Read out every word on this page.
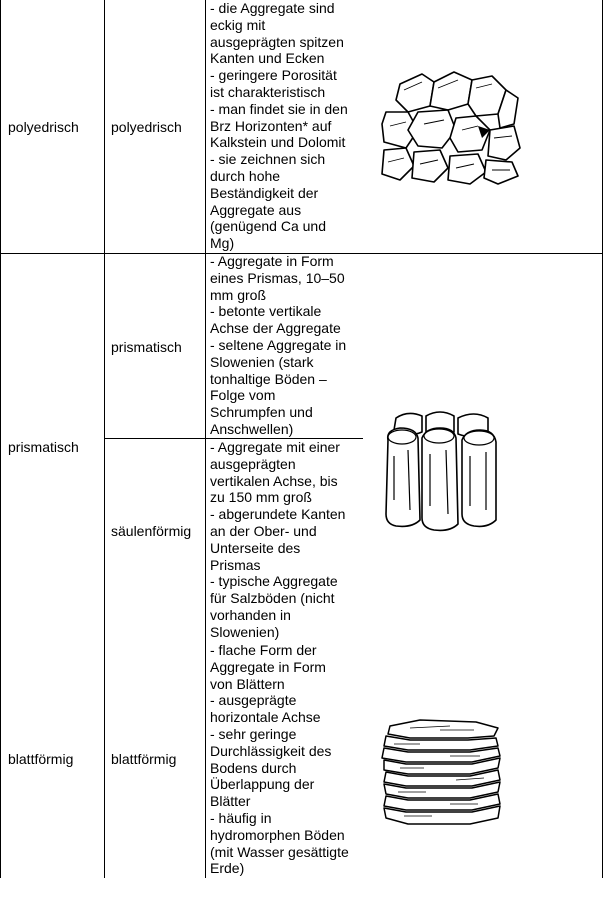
polyedrisch polyedrisch
- die Aggregate sind
eckig mit
ausgeprägten spitzen
Kanten und Ecken
- geringere Porosität
ist charakteristisch
- man findet sie in den
Brz Horizonten* auf
Kalkstein und Dolomit
- sie zeichnen sich
durch hohe
Beständigkeit der
Aggregate aus
(genügend Ca und
Mg)
prismatisch
prismatisch
- Aggregate in Form
eines Prismas, 10–50
mm groß
- betonte vertikale
Achse der Aggregate
- seltene Aggregate in
Slowenien (stark
tonhaltige Böden –
Folge vom
Schrumpfen und
Anschwellen)
säulenförmig
- Aggregate mit einer
ausgeprägten
vertikalen Achse, bis
zu 150 mm groß
- abgerundete Kanten
an der Ober- und
Unterseite des
Prismas
- typische Aggregate
für Salzböden (nicht
vorhanden in
Slowenien)
blattförmig	blattförmig
- flache Form der
Aggregate in Form
von Blättern
- ausgeprägte
horizontale Achse
- sehr geringe
Durchlässigkeit des
Bodens durch
Überlappung der
Blätter
- häufig in
hydromorphen Böden
(mit Wasser gesättigte
Erde)
